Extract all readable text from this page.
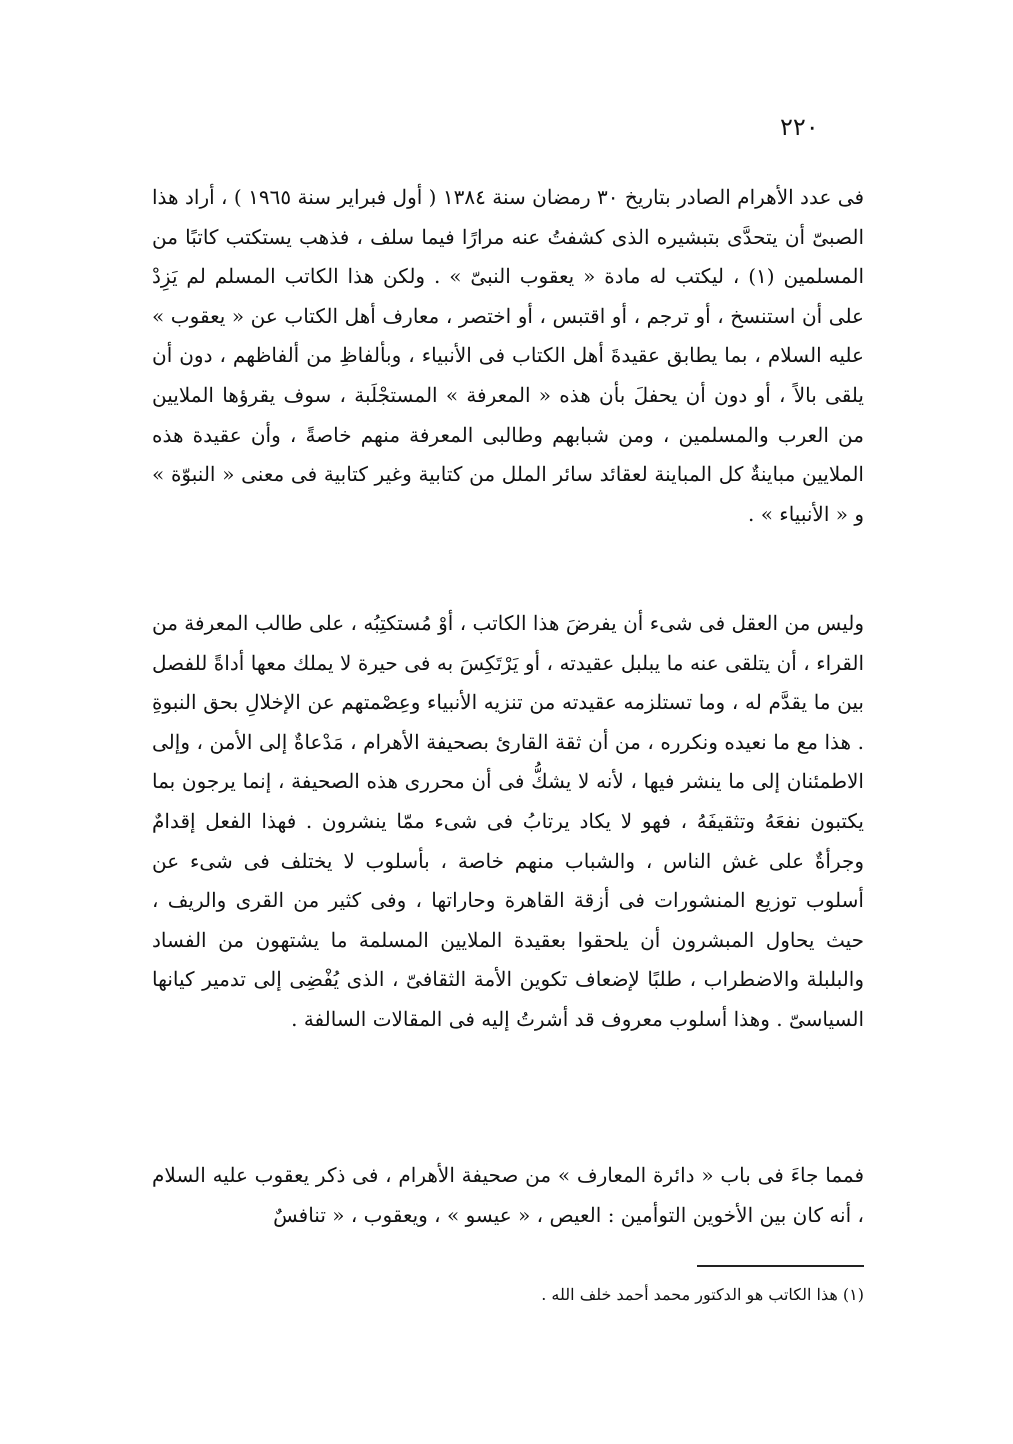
٢٢٠

فى عدد الأهرام الصادر بتاريخ ٣٠ رمضان سنة ١٣٨٤ ( أول فبراير سنة ١٩٦٥ ) ، أراد هذا الصبىّ أن يتحدَّى بتبشيره الذى كشفتُ عنه مرارًا فيما سلف ، فذهب يستكتب كاتبًا من المسلمين (١) ، ليكتب له مادة « يعقوب النبىّ » . ولكن هذا الكاتب المسلم لم يَزِدْ على أن استنسخ ، أو ترجم ، أو اقتبس ، أو اختصر ، معارف أهل الكتاب عن « يعقوب » عليه السلام ، بما يطابق عقيدةَ أهل الكتاب فى الأنبياء ، وبألفاظِ من ألفاظهم ، دون أن يلقى بالاً ، أو دون أن يحفلَ بأن هذه « المعرفة » المستجْلَبة ، سوف يقرؤها الملايين من العرب والمسلمين ، ومن شبابهم وطالبى المعرفة منهم خاصةً ، وأن عقيدة هذه الملايين مباينةٌ كل المباينة لعقائد سائر الملل من كتابية وغير كتابية فى معنى « النبوّة » و « الأنبياء » .

وليس من العقل فى شىء أن يفرضَ هذا الكاتب ، أوْ مُستكتِبُه ، على طالب المعرفة من القراء ، أن يتلقى عنه ما يبلبل عقيدته ، أو يَرْتَكِسَ به فى حيرة لا يملك معها أداةً للفصل بين ما يقدَّم له ، وما تستلزمه عقيدته من تنزيه الأنبياء وعِصْمتهم عن الإخلالِ بحق النبوةِ . هذا مع ما نعيده ونكرره ، من أن ثقة القارئ بصحيفة الأهرام ، مَدْعاةٌ إلى الأمن ، وإلى الاطمئنان إلى ما ينشر فيها ، لأنه لا يشكُّ فى أن محررى هذه الصحيفة ، إنما يرجون بما يكتبون نفعَهُ وتثقيفَهُ ، فهو لا يكاد يرتابُ فى شىء ممّا ينشرون . فهذا الفعل إقدامٌ وجرأةٌ على غش الناس ، والشباب منهم خاصة ، بأسلوب لا يختلف فى شىء عن أسلوب توزيع المنشورات فى أزقة القاهرة وحاراتها ، وفى كثير من القرى والريف ، حيث يحاول المبشرون أن يلحقوا بعقيدة الملايين المسلمة ما يشتهون من الفساد والبلبلة والاضطراب ، طلبًا لإضعاف تكوين الأمة الثقافىّ ، الذى يُفْضِى إلى تدمير كيانها السياسىّ . وهذا أسلوب معروف قد أشرتُ إليه فى المقالات السالفة .

فمما جاءَ فى باب « دائرة المعارف » من صحيفة الأهرام ، فى ذكر يعقوب عليه السلام ، أنه كان بين الأخوين التوأمين : العيص ، « عيسو » ، ويعقوب ، « تنافسٌ

(١) هذا الكاتب هو الدكتور محمد أحمد خلف الله .
